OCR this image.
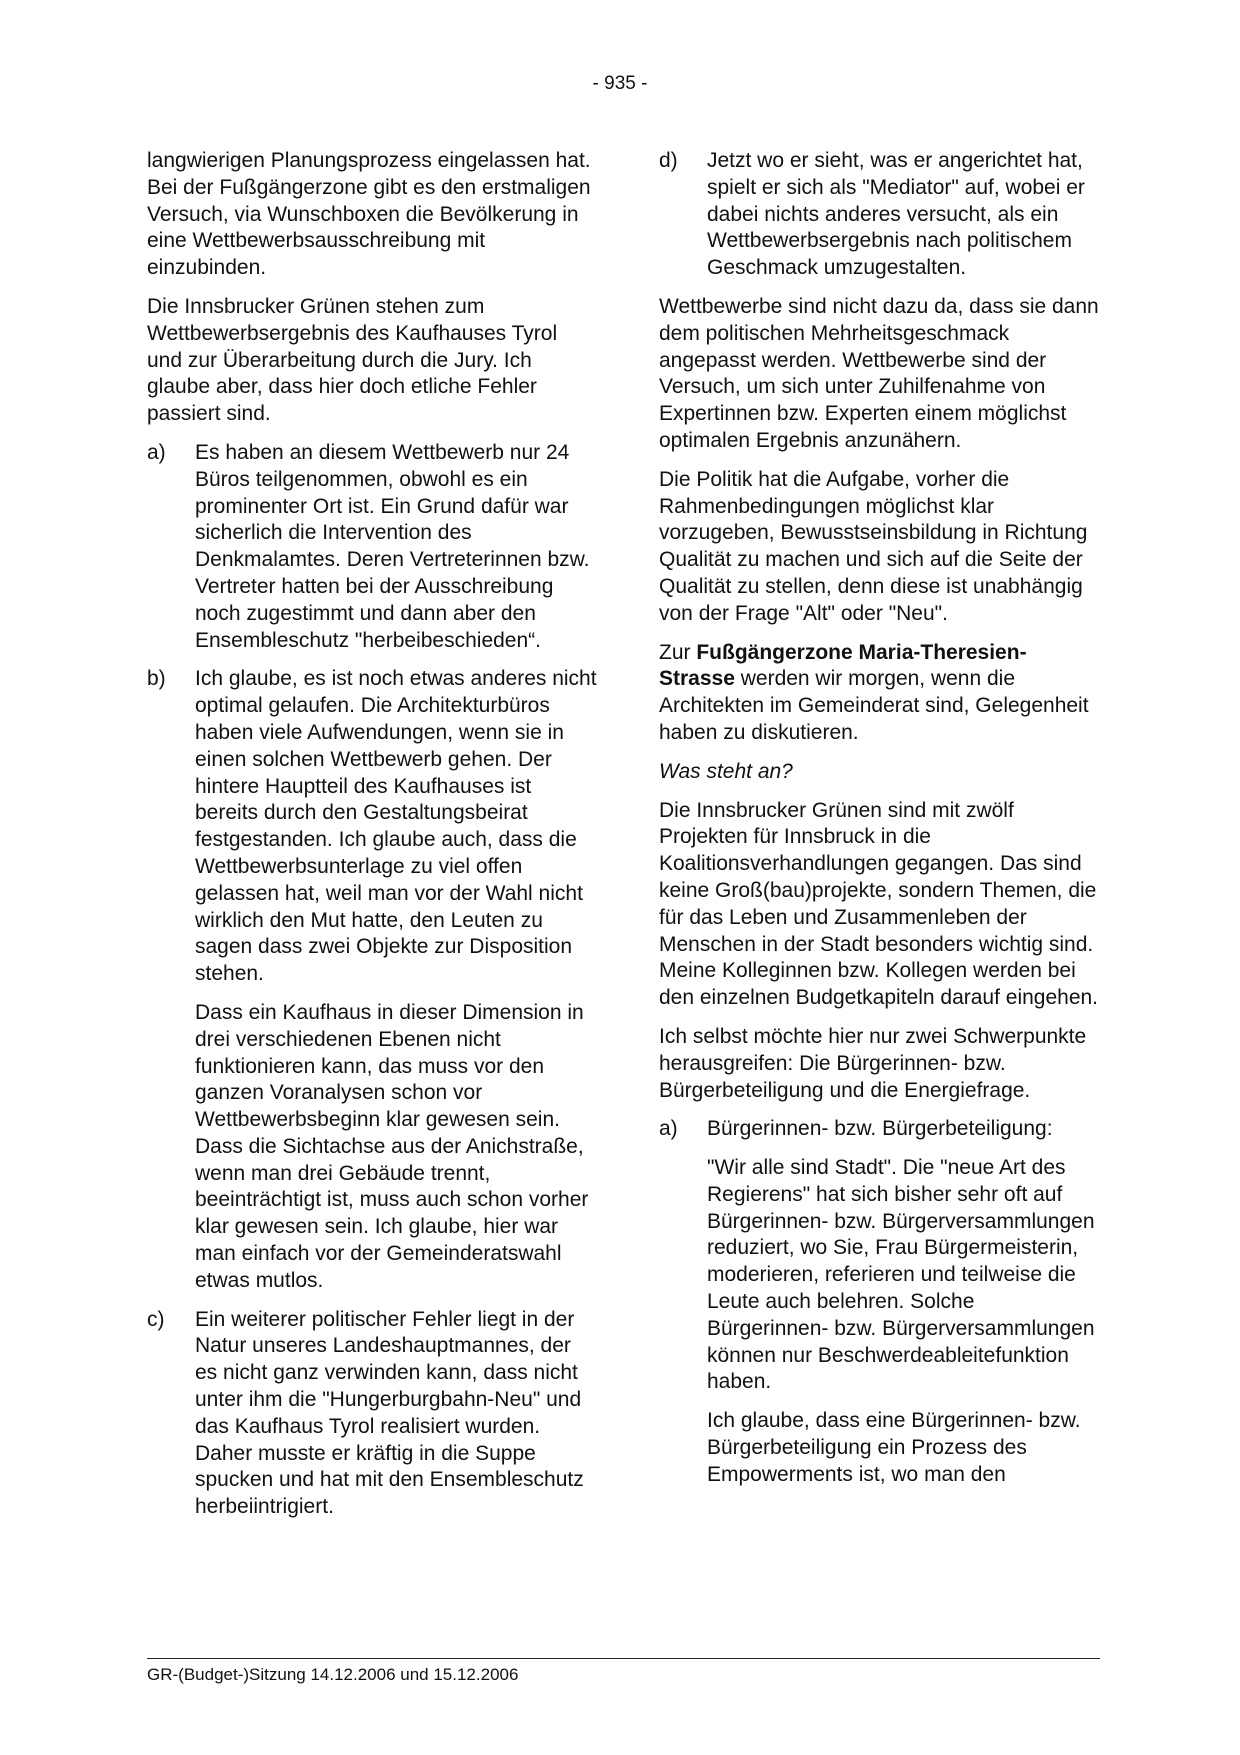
- 935 -

langwierigen Planungsprozess eingelassen hat. Bei der Fußgängerzone gibt es den erstmaligen Versuch, via Wunschboxen die Bevölkerung in eine Wettbewerbsausschreibung mit einzubinden.

Die Innsbrucker Grünen stehen zum Wettbewerbsergebnis des Kaufhauses Tyrol und zur Überarbeitung durch die Jury. Ich glaube aber, dass hier doch etliche Fehler passiert sind.

a)	Es haben an diesem Wettbewerb nur 24 Büros teilgenommen, obwohl es ein prominenter Ort ist. Ein Grund dafür war sicherlich die Intervention des Denkmalamtes. Deren Vertreterinnen bzw. Vertreter hatten bei der Ausschreibung noch zugestimmt und dann aber den Ensembleschutz "herbeibeschieden“.

b)	Ich glaube, es ist noch etwas anderes nicht optimal gelaufen. Die Architekturbüros haben viele Aufwendungen, wenn sie in einen solchen Wettbewerb gehen. Der hintere Hauptteil des Kaufhauses ist bereits durch den Gestaltungsbeirat festgestanden. Ich glaube auch, dass die Wettbewerbsunterlage zu viel offen gelassen hat, weil man vor der Wahl nicht wirklich den Mut hatte, den Leuten zu sagen dass zwei Objekte zur Disposition stehen.

Dass ein Kaufhaus in dieser Dimension in drei verschiedenen Ebenen nicht funktionieren kann, das muss vor den ganzen Voranalysen schon vor Wettbewerbsbeginn klar gewesen sein. Dass die Sichtachse aus der Anichstraße, wenn man drei Gebäude trennt, beeinträchtigt ist, muss auch schon vorher klar gewesen sein. Ich glaube, hier war man einfach vor der Gemeinderatswahl etwas mutlos.

c)	Ein weiterer politischer Fehler liegt in der Natur unseres Landeshauptmannes, der es nicht ganz verwinden kann, dass nicht unter ihm die "Hungerburgbahn-Neu" und das Kaufhaus Tyrol realisiert wurden. Daher musste er kräftig in die Suppe spucken und hat mit den Ensembleschutz herbeiintrigiert.

d)	Jetzt wo er sieht, was er angerichtet hat, spielt er sich als "Mediator" auf, wobei er dabei nichts anderes versucht, als ein Wettbewerbsergebnis nach politischem Geschmack umzugestalten.

Wettbewerbe sind nicht dazu da, dass sie dann dem politischen Mehrheitsgeschmack angepasst werden. Wettbewerbe sind der Versuch, um sich unter Zuhilfenahme von Expertinnen bzw. Experten einem möglichst optimalen Ergebnis anzunähern.

Die Politik hat die Aufgabe, vorher die Rahmenbedingungen möglichst klar vorzugeben, Bewusstseinsbildung in Richtung Qualität zu machen und sich auf die Seite der Qualität zu stellen, denn diese ist unabhängig von der Frage "Alt" oder "Neu".

Zur Fußgängerzone Maria-Theresien-Strasse werden wir morgen, wenn die Architekten im Gemeinderat sind, Gelegenheit haben zu diskutieren.

Was steht an?

Die Innsbrucker Grünen sind mit zwölf Projekten für Innsbruck in die Koalitionsverhandlungen gegangen. Das sind keine Groß(bau)projekte, sondern Themen, die für das Leben und Zusammenleben der Menschen in der Stadt besonders wichtig sind. Meine Kolleginnen bzw. Kollegen werden bei den einzelnen Budgetkapiteln darauf eingehen.

Ich selbst möchte hier nur zwei Schwerpunkte herausgreifen: Die Bürgerinnen- bzw. Bürgerbeteiligung und die Energiefrage.

a)	Bürgerinnen- bzw. Bürgerbeteiligung:

"Wir alle sind Stadt". Die "neue Art des Regierens" hat sich bisher sehr oft auf Bürgerinnen- bzw. Bürgerversammlungen reduziert, wo Sie, Frau Bürgermeisterin, moderieren, referieren und teilweise die Leute auch belehren. Solche Bürgerinnen- bzw. Bürgerversammlungen können nur Beschwerdeableitefunktion haben.

Ich glaube, dass eine Bürgerinnen- bzw. Bürgerbeteiligung ein Prozess des Empowerments ist, wo man den

GR-(Budget-)Sitzung 14.12.2006 und 15.12.2006
